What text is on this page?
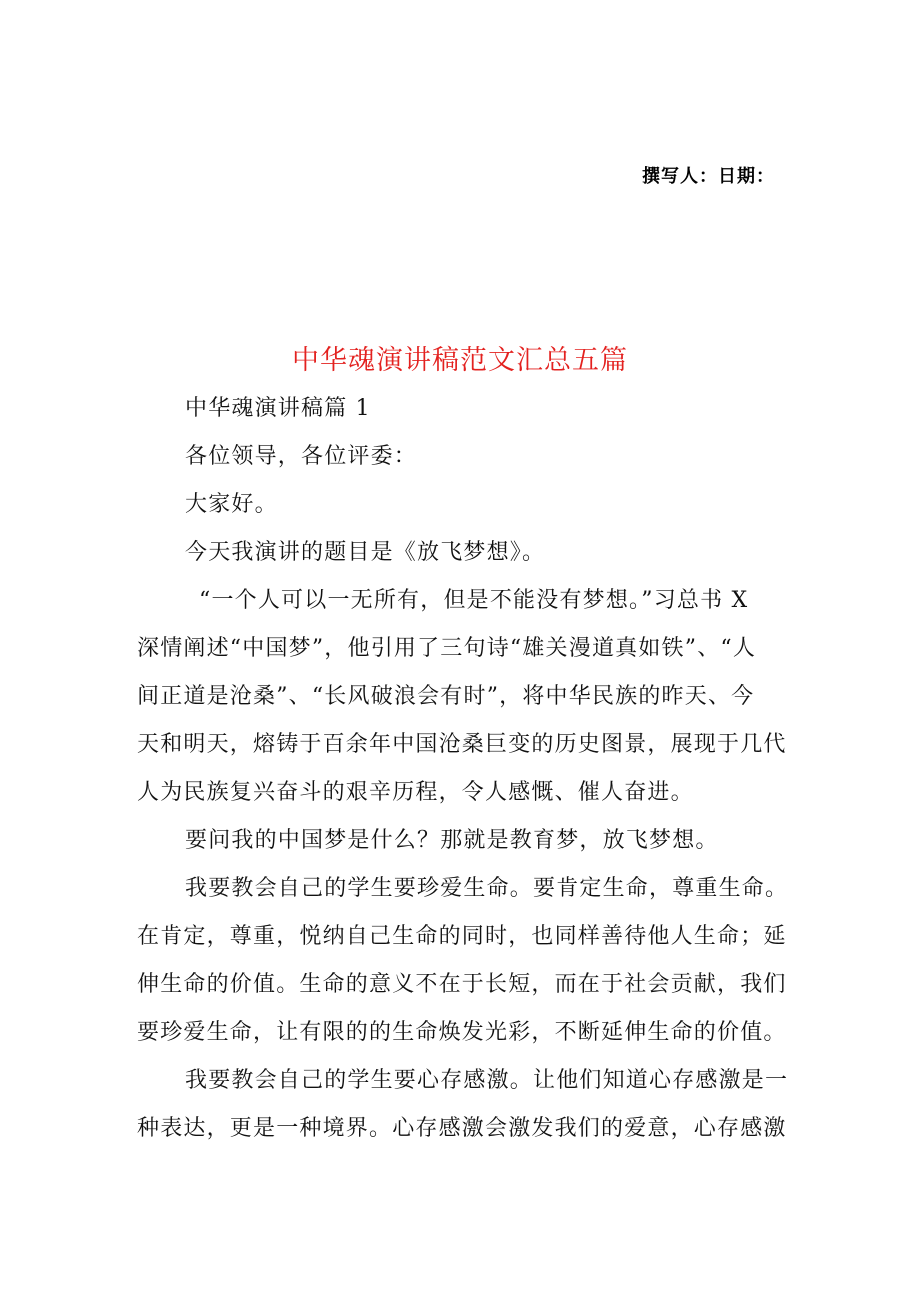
撰写人：日期：
中华魂演讲稿范文汇总五篇

中华魂演讲稿篇 1

各位领导，各位评委：

大家好。

今天我演讲的题目是《放飞梦想》。

“一个人可以一无所有，但是不能没有梦想。”习总书 X

深情阐述“中国梦”，他引用了三句诗“雄关漫道真如铁”、“人

间正道是沧桑”、“长风破浪会有时”，将中华民族的昨天、今

天和明天，熔铸于百余年中国沧桑巨变的历史图景，展现于几代

人为民族复兴奋斗的艰辛历程，令人感慨、催人奋进。

要问我的中国梦是什么？那就是教育梦，放飞梦想。

我要教会自己的学生要珍爱生命。要肯定生命，尊重生命。

在肯定，尊重，悦纳自己生命的同时，也同样善待他人生命；延

伸生命的价值。生命的意义不在于长短，而在于社会贡献，我们

要珍爱生命，让有限的的生命焕发光彩，不断延伸生命的价值。

我要教会自己的学生要心存感激。让他们知道心存感激是一

种表达，更是一种境界。心存感激会激发我们的爱意，心存感激
